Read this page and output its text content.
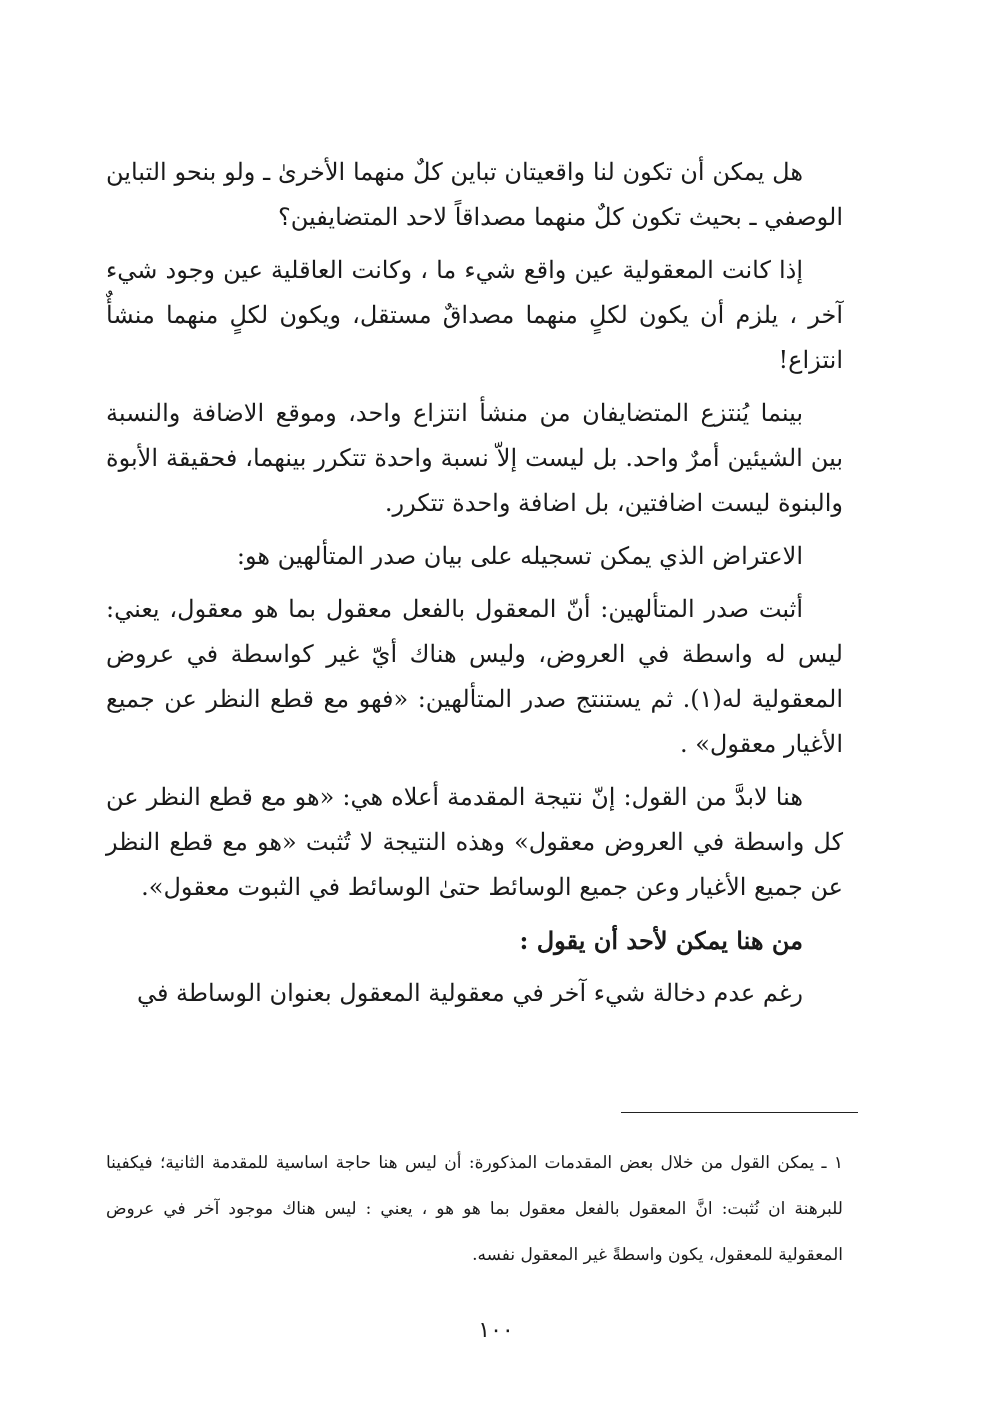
هل يمكن أن تكون لنا واقعيتان تباين كلٌ منهما الأخرىٰ ـ ولو بنحو التباين الوصفي ـ بحيث تكون كلٌ منهما مصداقاً لاحد المتضايفين؟

إذا كانت المعقولية عين واقع شيء ما ، وكانت العاقلية عين وجود شيء آخر ، يلزم أن يكون لكلٍ منهما مصداقٌ مستقل، ويكون لكلٍ منهما منشأٌ انتزاع!

بينما يُنتزع المتضايفان من منشأ انتزاع واحد، وموقع الاضافة والنسبة بين الشيئين أمرٌ واحد. بل ليست إلاّ نسبة واحدة تتكرر بينهما، فحقيقة الأبوة والبنوة ليست اضافتين، بل اضافة واحدة تتكرر.

الاعتراض الذي يمكن تسجيله على بيان صدر المتألهين هو:

أثبت صدر المتألهين: أنّ المعقول بالفعل معقول بما هو معقول، يعني: ليس له واسطة في العروض، وليس هناك أيّ غير كواسطة في عروض المعقولية له(١). ثم يستنتج صدر المتألهين: «فهو مع قطع النظر عن جميع الأغيار معقول» .

هنا لابدَّ من القول: إنّ نتيجة المقدمة أعلاه هي: «هو مع قطع النظر عن كل واسطة في العروض معقول» وهذه النتيجة لا تُثبت «هو مع قطع النظر عن جميع الأغيار وعن جميع الوسائط حتىٰ الوسائط في الثبوت معقول».

من هنا يمكن لأحد أن يقول :

رغم عدم دخالة شيء آخر في معقولية المعقول بعنوان الوساطة في

١ ـ يمكن القول من خلال بعض المقدمات المذكورة: أن ليس هنا حاجة اساسية للمقدمة الثانية؛ فيكفينا للبرهنة ان نُثبت: انَّ المعقول بالفعل معقول بما هو هو ، يعني : ليس هناك موجود آخر في عروض المعقولية للمعقول، يكون واسطةً غير المعقول نفسه.
١٠٠
